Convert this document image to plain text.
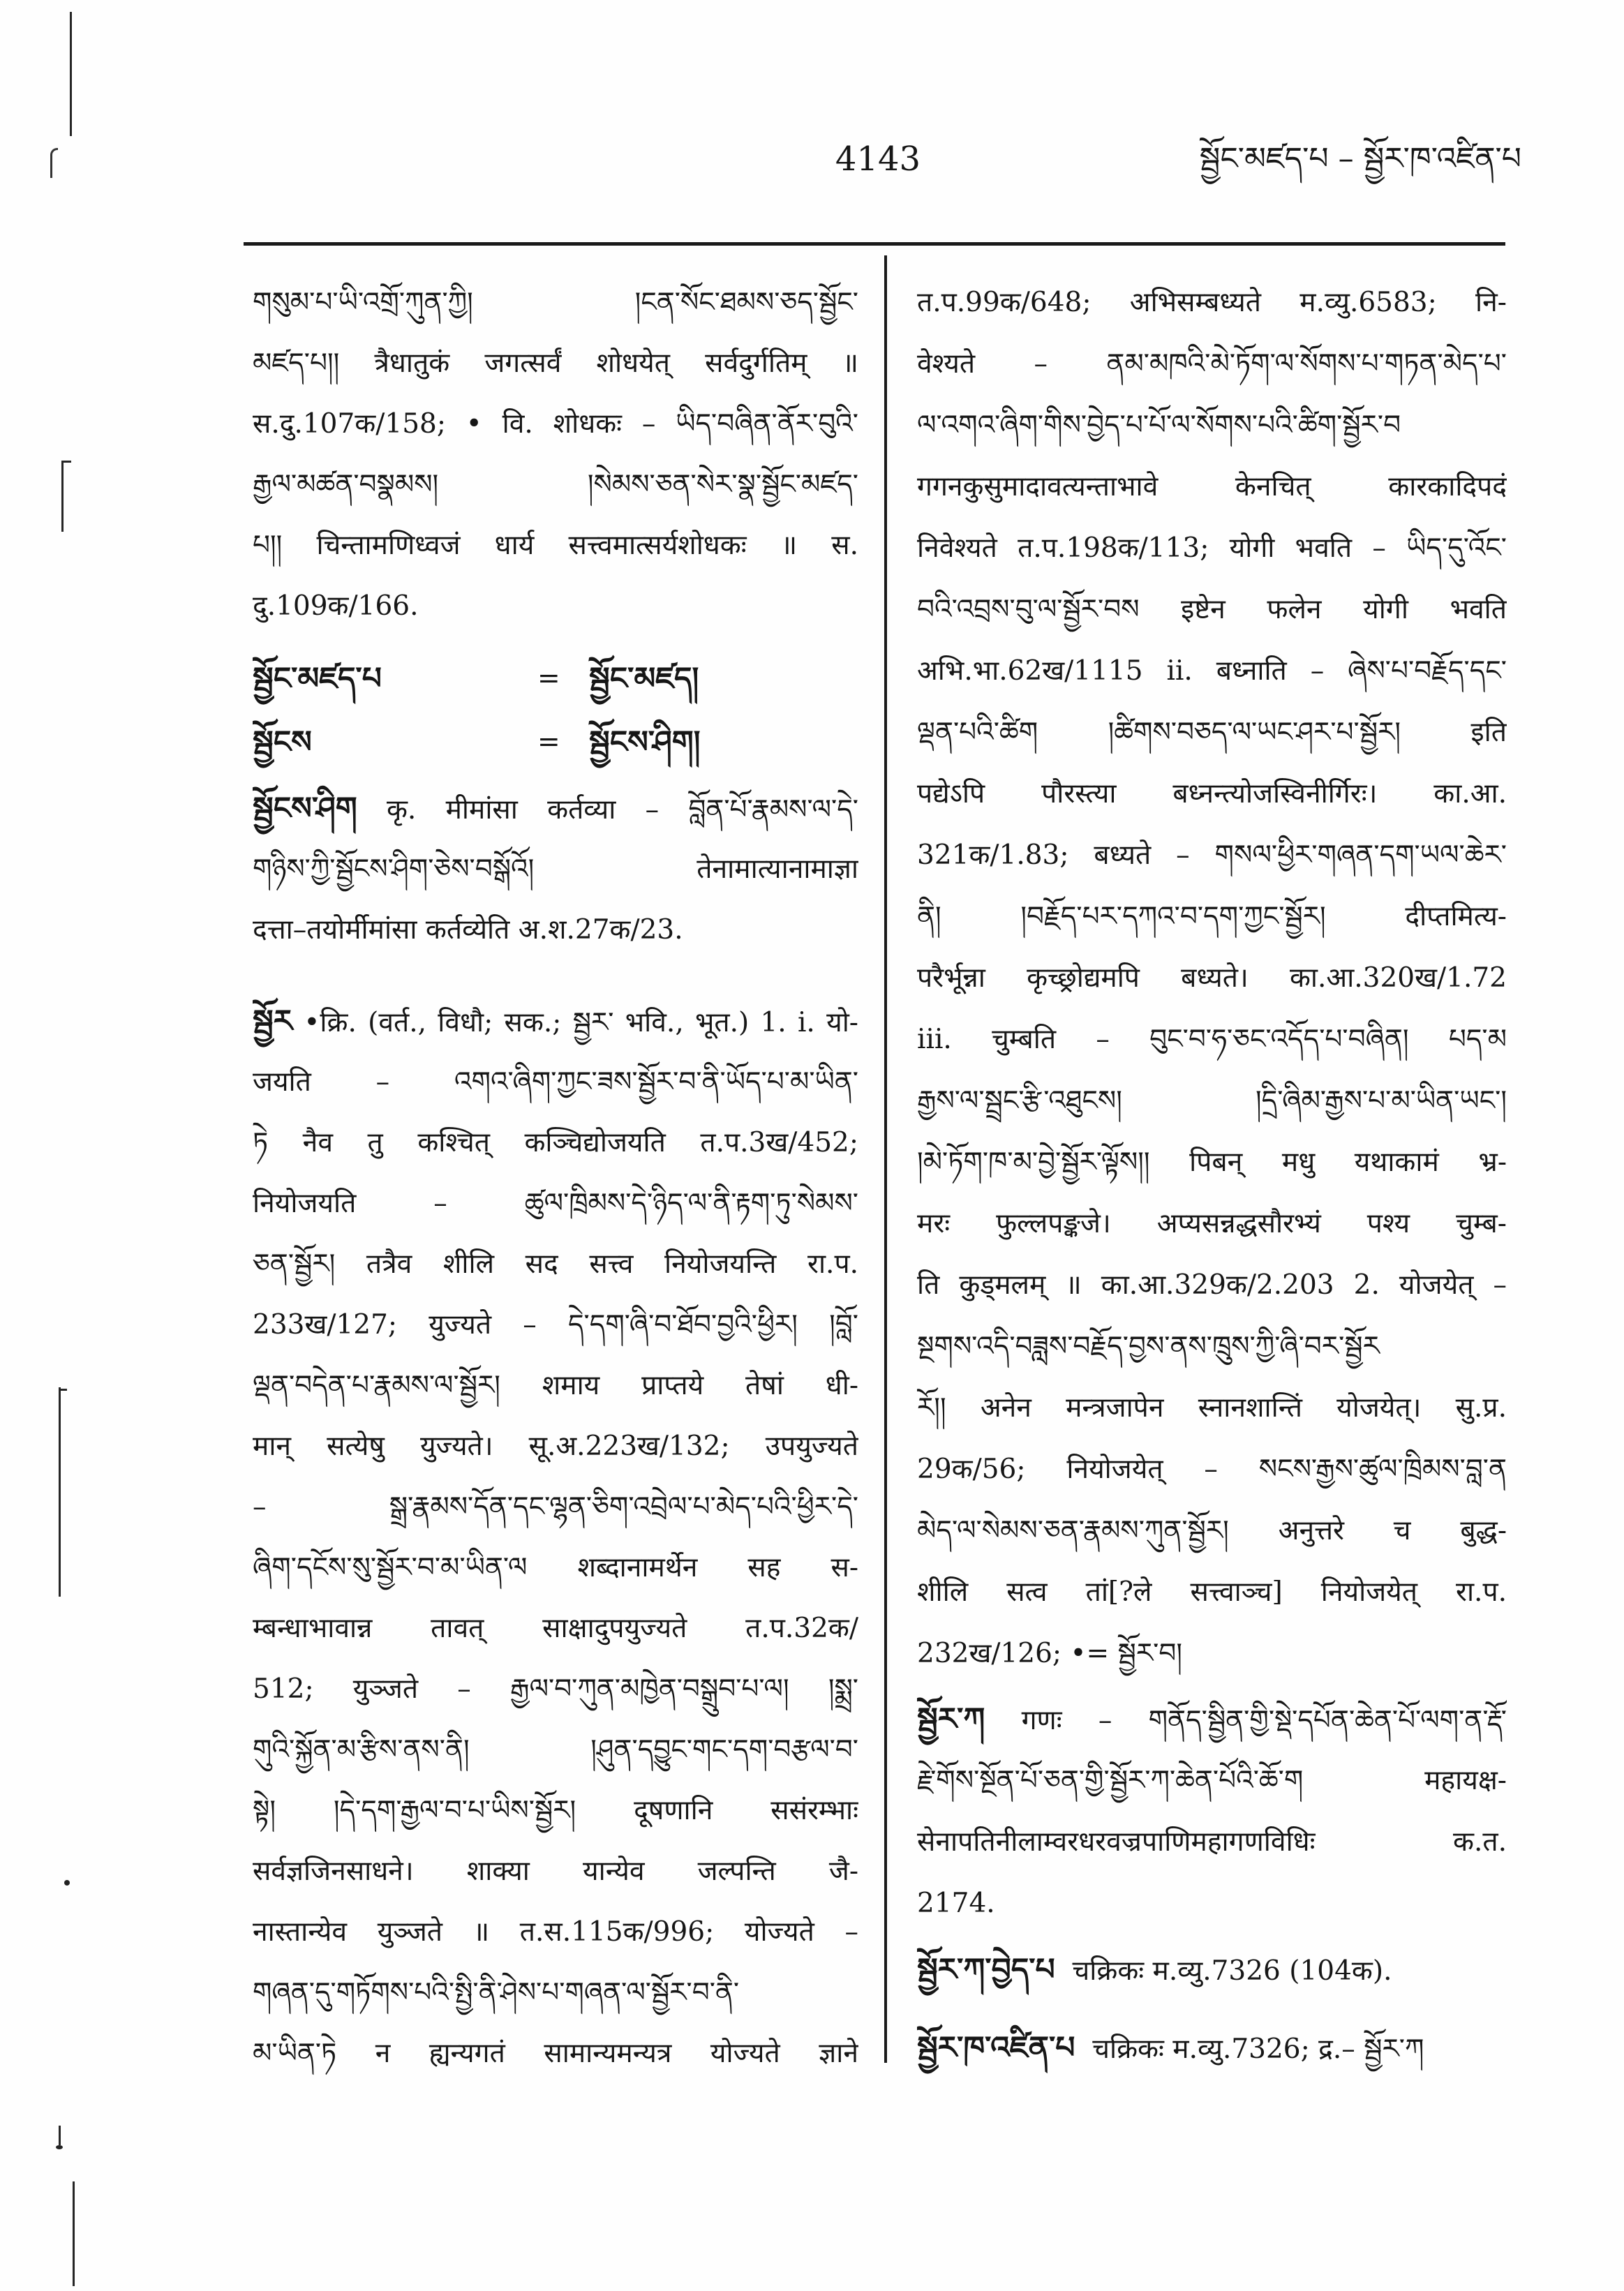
4143	སྦྱོང་མཛད་པ – སྦྱོར་ཁ་འཛིན་པ
གསུམ་པ་ཡི་འགྲོ་ཀུན་ཀྱི། །ངན་སོང་ཐམས་ཅད་སྦྱོང་
མཛད་པ།། त्रैधातुकं जगत्सर्वं शोधयेत् सर्वदुर्गतिम् ॥
स.दु.107क/158; • वि. शोधकः – ཡིད་བཞིན་ནོར་བུའི་
རྒྱལ་མཚན་བསྣམས། །སེམས་ཅན་སེར་སྣ་སྦྱོང་མཛད་
པ།། चिन्तामणिध्वजं धार्य सत्त्वमात्सर्यशोधकः ॥ स.
दु.109क/166.
སྦྱོང་མཛད་པ	= སྦྱོང་མཛད།
སྦྱོངས	= སྦྱོངས་ཤིག།
སྦྱོངས་ཤིག कृ. मीमांसा कर्तव्या – བློན་པོ་རྣམས་ལ་དེ་
གཉིས་ཀྱི་སྦྱོངས་ཤིག་ཅེས་བསྒོའོ། तेनामात्यानामाज्ञा
दत्ता–तयोर्मीमांसा कर्तव्येति अ.श.27क/23.
སྦྱོར •क्रि. (वर्त., विधौ; सक.; སྦྱར་ भवि., भूत.) 1. i. यो-
जयति – འགའ་ཞིག་ཀྱང་ཟས་སྦྱོར་བ་ནི་ཡོད་པ་མ་ཡིན་
ཏེ नैव तु कश्चित् कञ्चिद्योजयति त.प.3ख/452;
नियोजयति – ཚུལ་ཁྲིམས་དེ་ཉིད་ལ་ནི་རྟག་ཏུ་སེམས་
ཅན་སྦྱོར། तत्रैव शीलि सद सत्त्व नियोजयन्ति रा.प.
233ख/127; युज्यते – དེ་དག་ཞི་བ་ཐོབ་བྱའི་ཕྱིར། །བློ་
ལྡན་བདེན་པ་རྣམས་ལ་སྦྱོར། शमाय प्राप्तये तेषां धी-
मान् सत्येषु युज्यते। सू.अ.223ख/132; उपयुज्यते
– སྒྲ་རྣམས་དོན་དང་ལྷན་ཅིག་འབྲེལ་པ་མེད་པའི་ཕྱིར་དེ་
ཞིག་དངོས་སུ་སྦྱོར་བ་མ་ཡིན་ལ शब्दानामर्थेन सह स-
म्बन्धाभावान्न तावत् साक्षादुपयुज्यते त.प.32क/
512; युञ्जते – རྒྱལ་བ་ཀུན་མཁྱེན་བསྒྲུབ་པ་ལ། །སྨྲ་
གུའི་སྐྱོན་མ་རྩིས་ནས་ནི། །ཤུན་དབྱུང་གང་དག་བརྩལ་བ་
སྟེ། །དེ་དག་རྒྱལ་བ་པ་ཡིས་སྦྱོར། दूषणानि ससंरम्भाः
सर्वज्ञजिनसाधने। शाक्या यान्येव जल्पन्ति जै-
नास्तान्येव युञ्जते ॥ त.स.115क/996; योज्यते –
གཞན་དུ་གཏོགས་པའི་སྤྱི་ནི་ཤེས་པ་གཞན་ལ་སྦྱོར་བ་ནི་
མ་ཡིན་ཏེ न ह्यन्यगतं सामान्यमन्यत्र योज्यते ज्ञाने
त.प.99क/648; अभिसम्बध्यते म.व्यु.6583; नि-
वेश्यते – ནམ་མཁའི་མེ་ཏོག་ལ་སོགས་པ་གཏན་མེད་པ་
ལ་འགའ་ཞིག་གིས་བྱེད་པ་པོ་ལ་སོགས་པའི་ཚིག་སྦྱོར་བ
गगनकुसुमादावत्यन्ताभावे केनचित् कारकादिपदं
निवेश्यते त.प.198क/113; योगी भवति – ཡིད་དུ་འོང་
བའི་འབྲས་བུ་ལ་སྦྱོར་བས इष्टेन फलेन योगी भवति
अभि.भा.62ख/1115 ii. बध्नाति – ཞེས་པ་བརྗོད་དང་
ལྡན་པའི་ཚིག །ཚིགས་བཅད་ལ་ཡང་ཤར་པ་སྦྱོར། इति
पद्येऽपि पौरस्त्या बध्नन्त्योजस्विनीर्गिरः। का.आ.
321क/1.83; बध्यते – གསལ་ཕྱིར་གཞན་དག་ཡལ་ཆེར་
ནི། །བརྗོད་པར་དཀའ་བ་དག་ཀྱང་སྦྱོར། दीप्तमित्य-
परैर्भून्ना कृच्छ्रोद्यमपि बध्यते। का.आ.320ख/1.72
iii. चुम्बति – བུང་བ་ཧ་ཅང་འདོད་པ་བཞིན། པད་མ
རྒྱས་ལ་སྦྲང་རྩི་འཐུངས། །དྲི་ཞིམ་རྒྱས་པ་མ་ཡིན་ཡང་།
།མེ་ཏོག་ཁ་མ་བྱེ་སྦྱོར་ལྟོས།། पिबन् मधु यथाकामं भ्र-
मरः फुल्लपङ्कजे। अप्यसन्नद्धसौरभ्यं पश्य चुम्ब-
ति कुड्मलम् ॥ का.आ.329क/2.203 2. योजयेत् –
སྔགས་འདི་བཟླས་བརྗོད་བྱས་ནས་ཁྲུས་ཀྱི་ཞི་བར་སྦྱོར
རོ།། अनेन मन्त्रजापेन स्नानशान्तिं योजयेत्। सु.प्र.
29क/56; नियोजयेत् – སངས་རྒྱས་ཚུལ་ཁྲིམས་བླ་ན
མེད་ལ་སེམས་ཅན་རྣམས་ཀུན་སྦྱོར། अनुत्तरे च बुद्ध-
शीलि सत्व तां[?ले सत्त्वाञ्च] नियोजयेत् रा.प.
232ख/126; •= སྦྱོར་བ།
སྦྱོར་ཀ गणः – གནོད་སྦྱིན་གྱི་སྡེ་དཔོན་ཆེན་པོ་ལག་ན་རྡོ་
རྗེ་གོས་སྔོན་པོ་ཅན་གྱི་སྦྱོར་ཀ་ཆེན་པོའི་ཆོ་ག महायक्ष-
सेनापतिनीलाम्वरधरवज्रपाणिमहागणविधिः क.त.
2174.
སྦྱོར་ཀ་བྱེད་པ चक्रिकः म.व्यु.7326 (104क).
སྦྱོར་ཁ་འཛིན་པ चक्रिकः म.व्यु.7326; द्र.– སྦྱོར་ཀ
